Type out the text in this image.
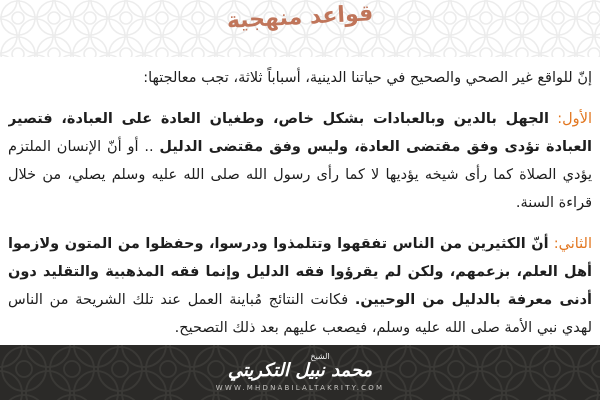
قواعد منهجية

إنّ للواقع غير الصحي والصحيح في حياتنا الدينية، أسباباً ثلاثة، تجب معالجتها:

الأول: الجهل بالدين وبالعبادات بشكل خاص، وطغيان العادة على العبادة، فتصير العبادة تؤدى وفق مقتضى العادة، وليس وفق مقتضى الدليل .. أو أنّ الإنسان الملتزم يؤدي الصلاة كما رأى شيخه يؤديها لا كما رأى رسول الله صلى الله عليه وسلم يصلي، من خلال قراءة السنة.
الثاني: أنّ الكثيرين من الناس تفقهوا وتتلمذوا ودرسوا، وحفظوا من المتون ولازموا أهل العلم، بزعمهم، ولكن لم يقرؤوا فقه الدليل وإنما فقه المذهبية والتقليد دون أدنى معرفة بالدليل من الوحيين. فكانت النتائج مُباينة العمل عند تلك الشريحة من الناس لهدي نبي الأمة صلى الله عليه وسلم، فيصعب عليهم بعد ذلك التصحيح.
الشيخ
محمد نبيل التكريتي
WWW.MHDNABILALTAKRITY.COM
